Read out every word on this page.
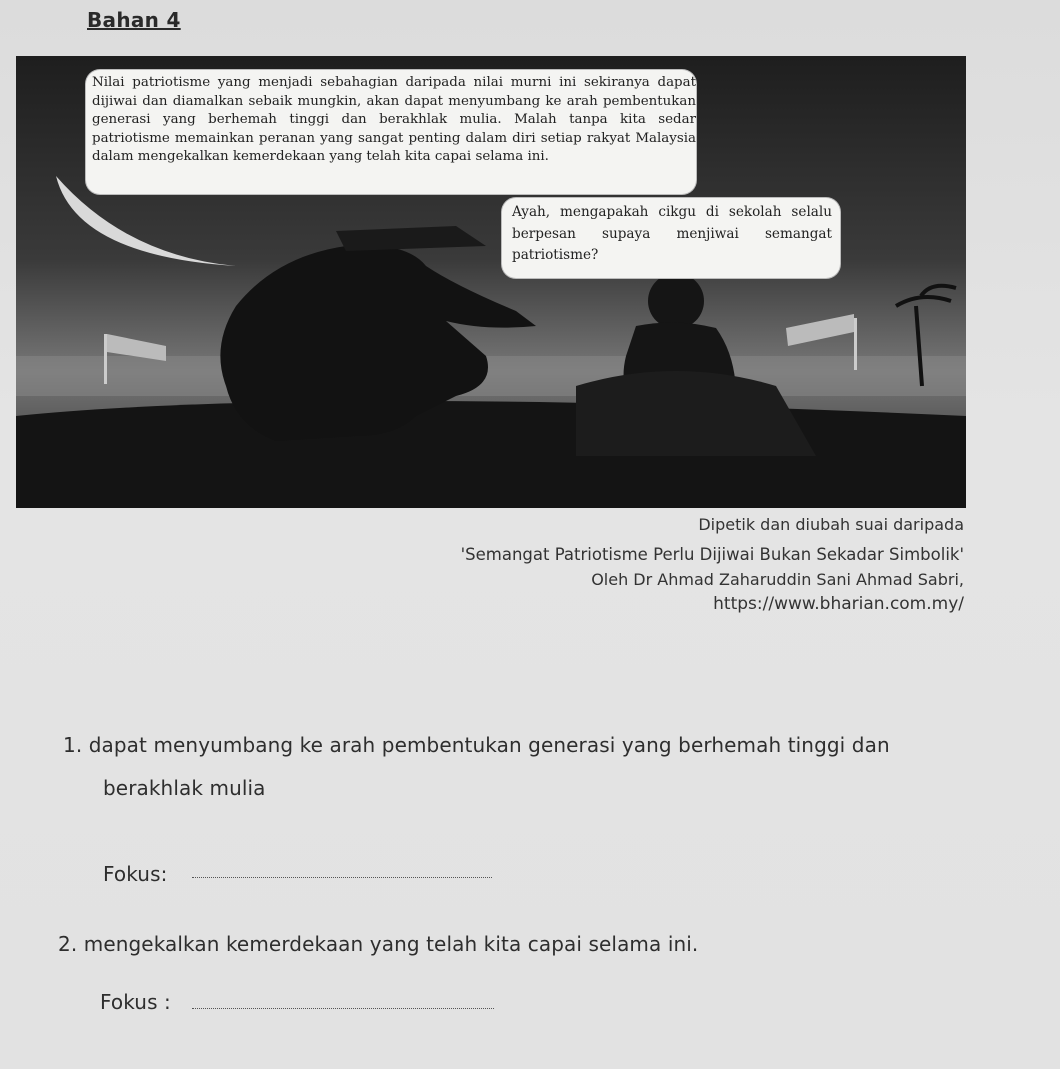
Bahan 4
Nilai patriotisme yang menjadi sebahagian daripada nilai murni ini sekiranya dapat dijiwai dan diamalkan sebaik mungkin, akan dapat menyumbang ke arah pembentukan generasi yang berhemah tinggi dan berakhlak mulia. Malah tanpa kita sedar patriotisme memainkan peranan yang sangat penting dalam diri setiap rakyat Malaysia dalam mengekalkan kemerdekaan yang telah kita capai selama ini.
Ayah, mengapakah cikgu di sekolah selalu berpesan supaya menjiwai semangat patriotisme?
Dipetik dan diubah suai daripada
'Semangat Patriotisme Perlu Dijiwai Bukan Sekadar Simbolik'
Oleh Dr Ahmad Zaharuddin Sani Ahmad Sabri,
https://www.bharian.com.my/
1. dapat menyumbang ke arah pembentukan generasi yang berhemah tinggi dan
berakhlak mulia
Fokus:
2. mengekalkan kemerdekaan yang telah kita capai selama ini.
Fokus :
